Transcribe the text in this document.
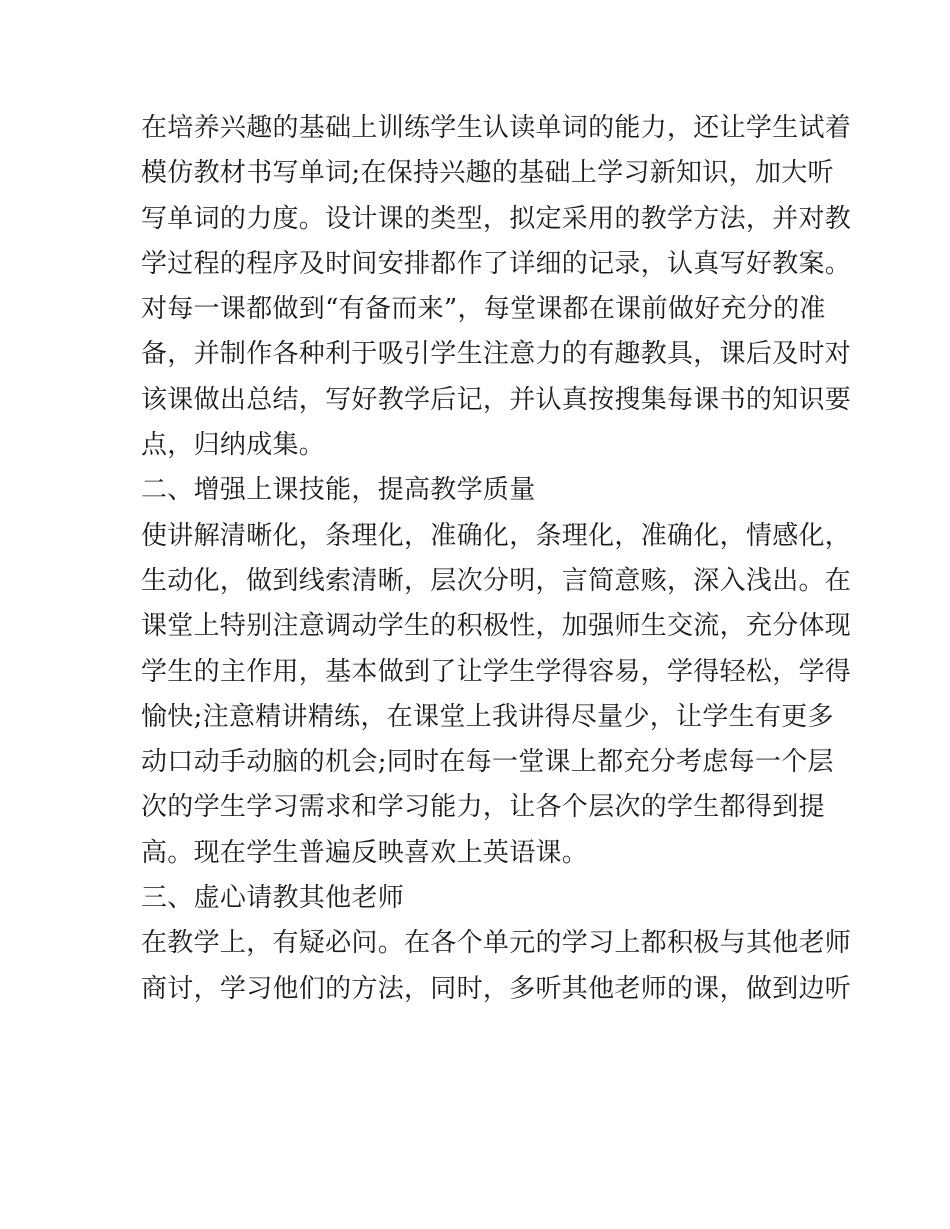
在培养兴趣的基础上训练学生认读单词的能力，还让学生试着
模仿教材书写单词;在保持兴趣的基础上学习新知识，加大听
写单词的力度。设计课的类型，拟定采用的教学方法，并对教
学过程的程序及时间安排都作了详细的记录，认真写好教案。
对每一课都做到“有备而来”，每堂课都在课前做好充分的准
备，并制作各种利于吸引学生注意力的有趣教具，课后及时对
该课做出总结，写好教学后记，并认真按搜集每课书的知识要
点，归纳成集。
二、增强上课技能，提高教学质量
使讲解清晰化，条理化，准确化，条理化，准确化，情感化，
生动化，做到线索清晰，层次分明，言简意赅，深入浅出。在
课堂上特别注意调动学生的积极性，加强师生交流，充分体现
学生的主作用，基本做到了让学生学得容易，学得轻松，学得
愉快;注意精讲精练，在课堂上我讲得尽量少，让学生有更多
动口动手动脑的机会;同时在每一堂课上都充分考虑每一个层
次的学生学习需求和学习能力，让各个层次的学生都得到提
高。现在学生普遍反映喜欢上英语课。
三、虚心请教其他老师
在教学上，有疑必问。在各个单元的学习上都积极与其他老师
商讨，学习他们的方法，同时，多听其他老师的课，做到边听
